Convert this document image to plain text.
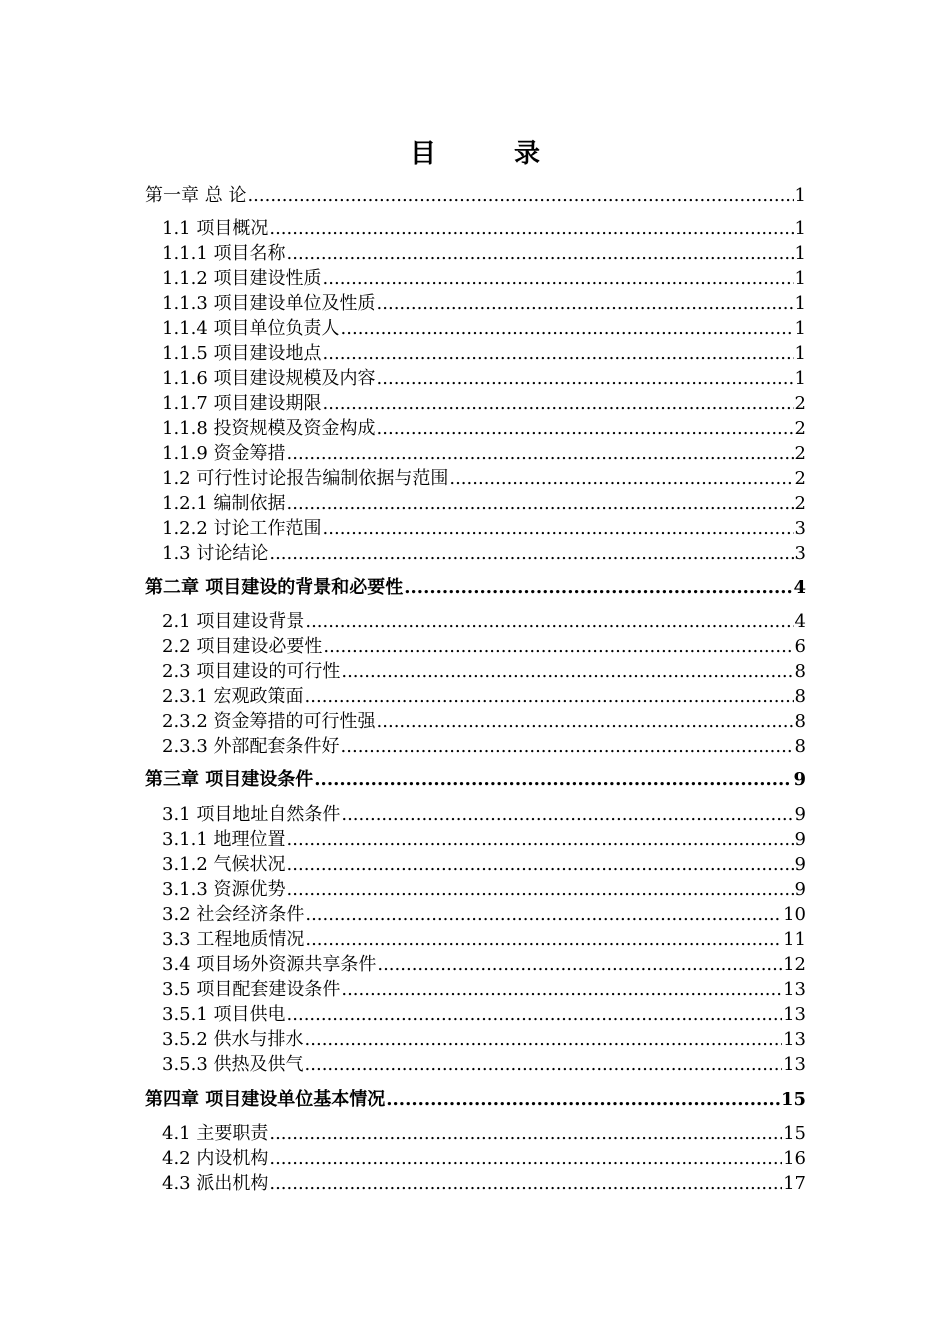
目　录
第一章 总 论 .....	1
1.1 项目概况 .....	1
1.1.1 项目名称 .....	1
1.1.2 项目建设性质 .....	1
1.1.3 项目建设单位及性质 .....	1
1.1.4 项目单位负责人 .....	1
1.1.5 项目建设地点 .....	1
1.1.6 项目建设规模及内容 .....	1
1.1.7 项目建设期限 .....	2
1.1.8 投资规模及资金构成 .....	2
1.1.9 资金筹措 .....	2
1.2 可行性讨论报告编制依据与范围 .....	2
1.2.1 编制依据 .....	2
1.2.2 讨论工作范围 .....	3
1.3 讨论结论 .....	3
第二章 项目建设的背景和必要性 .....	4
2.1 项目建设背景 .....	4
2.2 项目建设必要性 .....	6
2.3 项目建设的可行性 .....	8
2.3.1 宏观政策面 .....	8
2.3.2 资金筹措的可行性强 .....	8
2.3.3 外部配套条件好 .....	8
第三章 项目建设条件 .....	9
3.1 项目地址自然条件 .....	9
3.1.1 地理位置 .....	9
3.1.2 气候状况 .....	9
3.1.3 资源优势 .....	9
3.2 社会经济条件 .....	10
3.3 工程地质情况 .....	11
3.4 项目场外资源共享条件 .....	12
3.5 项目配套建设条件 .....	13
3.5.1 项目供电 .....	13
3.5.2 供水与排水 .....	13
3.5.3 供热及供气 .....	13
第四章 项目建设单位基本情况 .....	15
4.1 主要职责 .....	15
4.2 内设机构 .....	16
4.3 派出机构 .....	17
